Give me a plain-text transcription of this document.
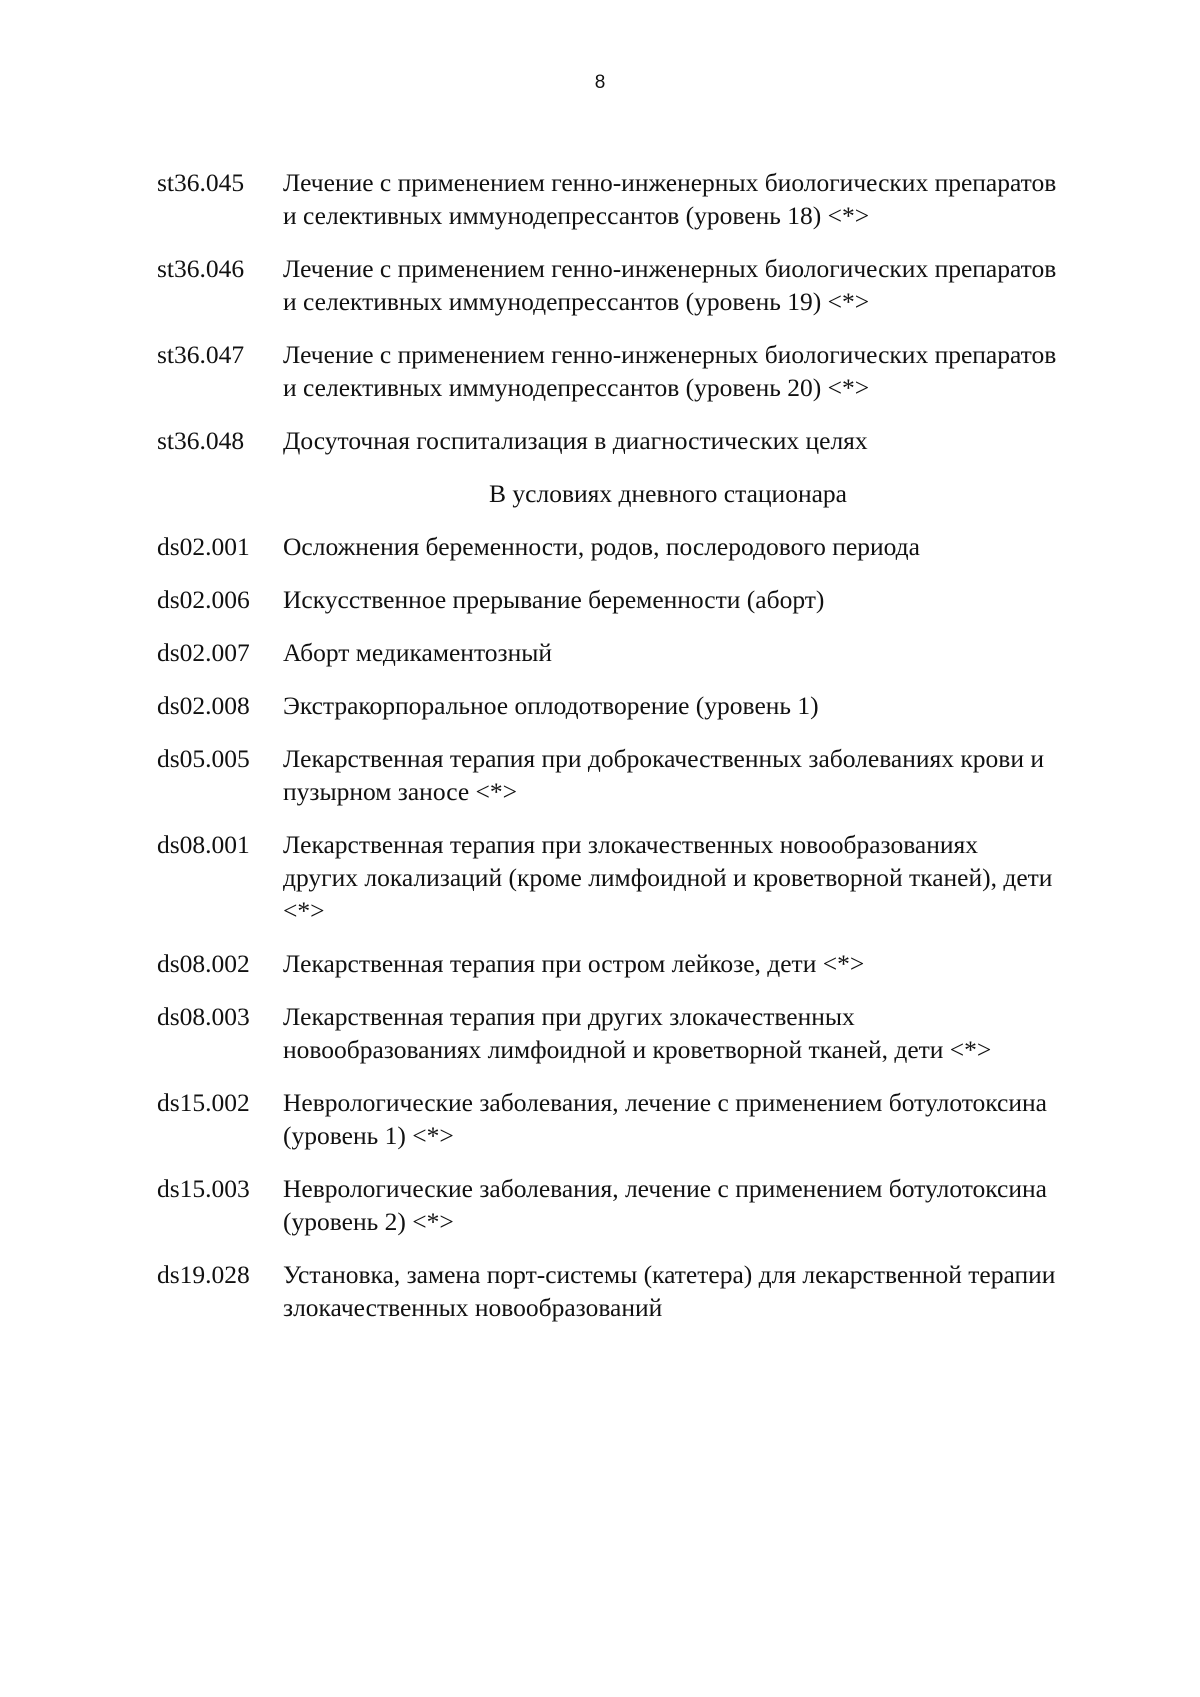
8
st36.045	Лечение с применением генно-инженерных биологических препаратов и селективных иммунодепрессантов (уровень 18) <*>
st36.046	Лечение с применением генно-инженерных биологических препаратов и селективных иммунодепрессантов (уровень 19) <*>
st36.047	Лечение с применением генно-инженерных биологических препаратов и селективных иммунодепрессантов (уровень 20) <*>
st36.048	Досуточная госпитализация в диагностических целях
В условиях дневного стационара
ds02.001	Осложнения беременности, родов, послеродового периода
ds02.006	Искусственное прерывание беременности (аборт)
ds02.007	Аборт медикаментозный
ds02.008	Экстракорпоральное оплодотворение (уровень 1)
ds05.005	Лекарственная терапия при доброкачественных заболеваниях крови и пузырном заносе <*>
ds08.001	Лекарственная терапия при злокачественных новообразованиях других локализаций (кроме лимфоидной и кроветворной тканей), дети <*>
ds08.002	Лекарственная терапия при остром лейкозе, дети <*>
ds08.003	Лекарственная терапия при других злокачественных новообразованиях лимфоидной и кроветворной тканей, дети <*>
ds15.002	Неврологические заболевания, лечение с применением ботулотоксина (уровень 1) <*>
ds15.003	Неврологические заболевания, лечение с применением ботулотоксина (уровень 2) <*>
ds19.028	Установка, замена порт-системы (катетера) для лекарственной терапии злокачественных новообразований
